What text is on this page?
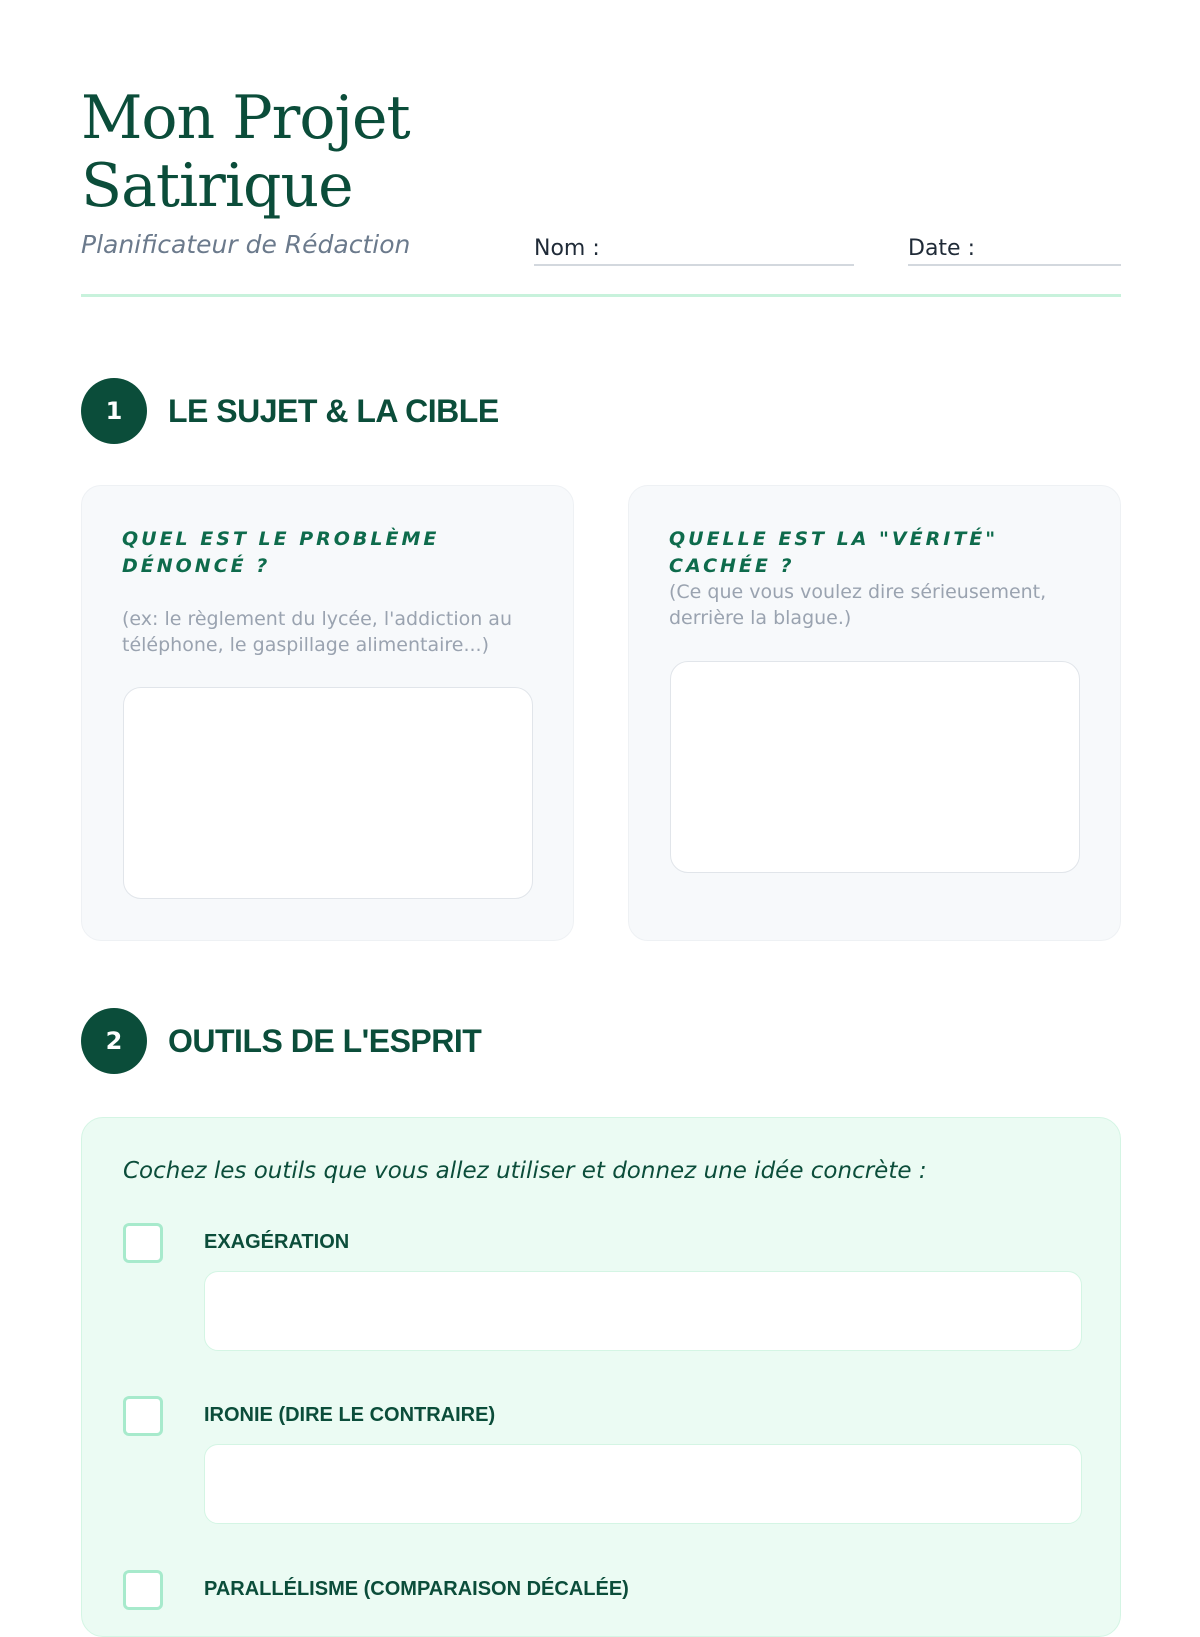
Mon Projet
Satirique
Planificateur de Rédaction	Nom :	Date :
1	LE SUJET & LA CIBLE
QUEL EST LE PROBLÈME DÉNONCÉ ?
(ex: le règlement du lycée, l'addiction au téléphone, le gaspillage alimentaire...)
QUELLE EST LA "VÉRITÉ" CACHÉE ?
(Ce que vous voulez dire sérieusement, derrière la blague.)
2	OUTILS DE L'ESPRIT
Cochez les outils que vous allez utiliser et donnez une idée concrète :
EXAGÉRATION
IRONIE (DIRE LE CONTRAIRE)
PARALLÉLISME (COMPARAISON DÉCALÉE)
